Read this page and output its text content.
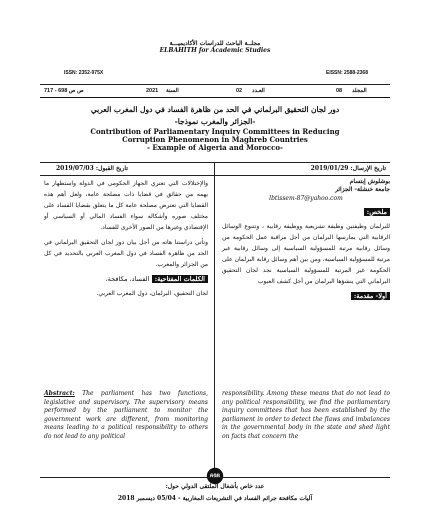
مجلــة الباحث للدراسات الأكاديميـــة
ELBAHITH for Academic Studies
ISSN: 2352-975X	EISSN: 2588-2368
ص ص 698 - 717	2021 السنة	02 العـدد	08 المجلد
دور لجان التحقيق البرلماني في الحد من ظاهرة الفساد في دول المغرب العربي
-الجزائر والمغرب نموذجا-
Contribution of Parliamentary Inquiry Committees in Reducing
Corruption Phenomenon in Maghreb Countries
- Example of Algeria and Morocco-
تاريخ الإرسال: 2019/01/29
تاريخ القبول: 2019/07/03
بوشلوش إبتسام
جامعة خنشلة- الجزائر
lbtissem-87@yahoo.com
ملخص:

للبرلمان وظيفتين وظيفة تشريعية ووظيفة رقابية ، وتتنوع الوسائل الرقابية التي يمارسها البرلمان من أجل مراقبة عمل الحكومة من وسائل رقابية مرتبة للمسؤولية السياسية إلى وسائل رقابية غير مرتبة للمسؤولية السياسية، ومن بين أهم وسائل رقابة البرلمان على الحكومة غير المرتبة للمسؤولية السياسية نجد لجان التحقيق البرلماني التي ينشؤها البرلمان من أجل كشف العيوب

أولا- مقدمة:

والإختلالات التي تعتري الجهاز الحكومي في الدولة واستظهار ما يهمه من حقائق في قضايا ذات مصلحة عامة، ولعل أهم هذه القضايا التي تعترض مصلحة عامة كل ما يتعلق بقضايا الفساد على مختلف صوره وأشكاله سواء الفساد المالي أو السياسي أو الإقتصادي وغيرها من الصور الأخرى للفساد.

وتأتي دراستنا هاته من أجل بيان دور لجان التحقيق البرلماني في الحد من ظاهرة الفساد في دول المغرب العربي بالتحديد في كل من الجزائر والمغرب.

الكلمات المفتاحية: الفساد، مكافحة،

لجان التحقيق، البرلمان، دول المغرب العربي.

Abstract: The parliament has two functions, legislative and supervisory. The supervisory means performed by the parliament to monitor the government work are different, from monitoring means leading to a political responsibility to others do not lead to any political
responsibility. Among these means that do not lead to any political responsibility, we find the parliamentary inquiry committees that has been established by the parliament in order to detect the flaws and imbalances in the governmental body in the state and shed light on facts that concern the
عدد خاص بأشغال الملتقى الدولي حول:
آليات مكافحة جرائم الفساد في التشريعات المغاربية - 05/04 ديسمبر 2018
